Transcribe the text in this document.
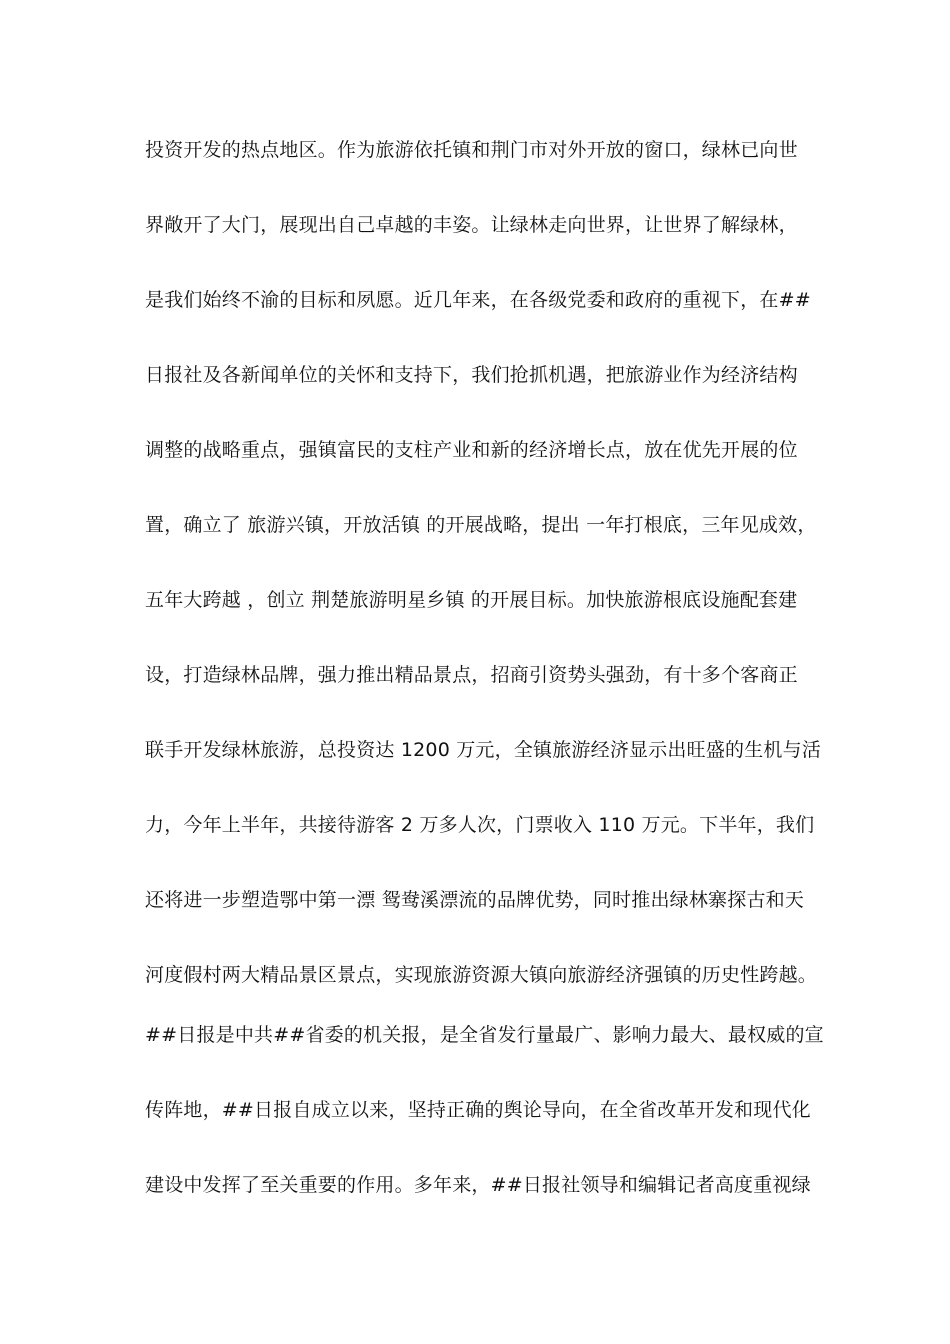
投资开发的热点地区。作为旅游依托镇和荆门市对外开放的窗口，绿林已向世
界敞开了大门，展现出自己卓越的丰姿。让绿林走向世界，让世界了解绿林，
是我们始终不渝的目标和夙愿。近几年来，在各级党委和政府的重视下，在##
日报社及各新闻单位的关怀和支持下，我们抢抓机遇，把旅游业作为经济结构
调整的战略重点，强镇富民的支柱产业和新的经济增长点，放在优先开展的位
置，确立了 旅游兴镇，开放活镇 的开展战略，提出 一年打根底，三年见成效，
五年大跨越 ，创立 荆楚旅游明星乡镇 的开展目标。加快旅游根底设施配套建
设，打造绿林品牌，强力推出精品景点，招商引资势头强劲，有十多个客商正
联手开发绿林旅游，总投资达 1200 万元，全镇旅游经济显示出旺盛的生机与活
力，今年上半年，共接待游客 2 万多人次，门票收入 110 万元。下半年，我们
还将进一步塑造鄂中第一漂 鸳鸯溪漂流的品牌优势，同时推出绿林寨探古和天
河度假村两大精品景区景点，实现旅游资源大镇向旅游经济强镇的历史性跨越。
##日报是中共##省委的机关报，是全省发行量最广、影响力最大、最权威的宣
传阵地，##日报自成立以来，坚持正确的舆论导向，在全省改革开发和现代化
建设中发挥了至关重要的作用。多年来，##日报社领导和编辑记者高度重视绿
